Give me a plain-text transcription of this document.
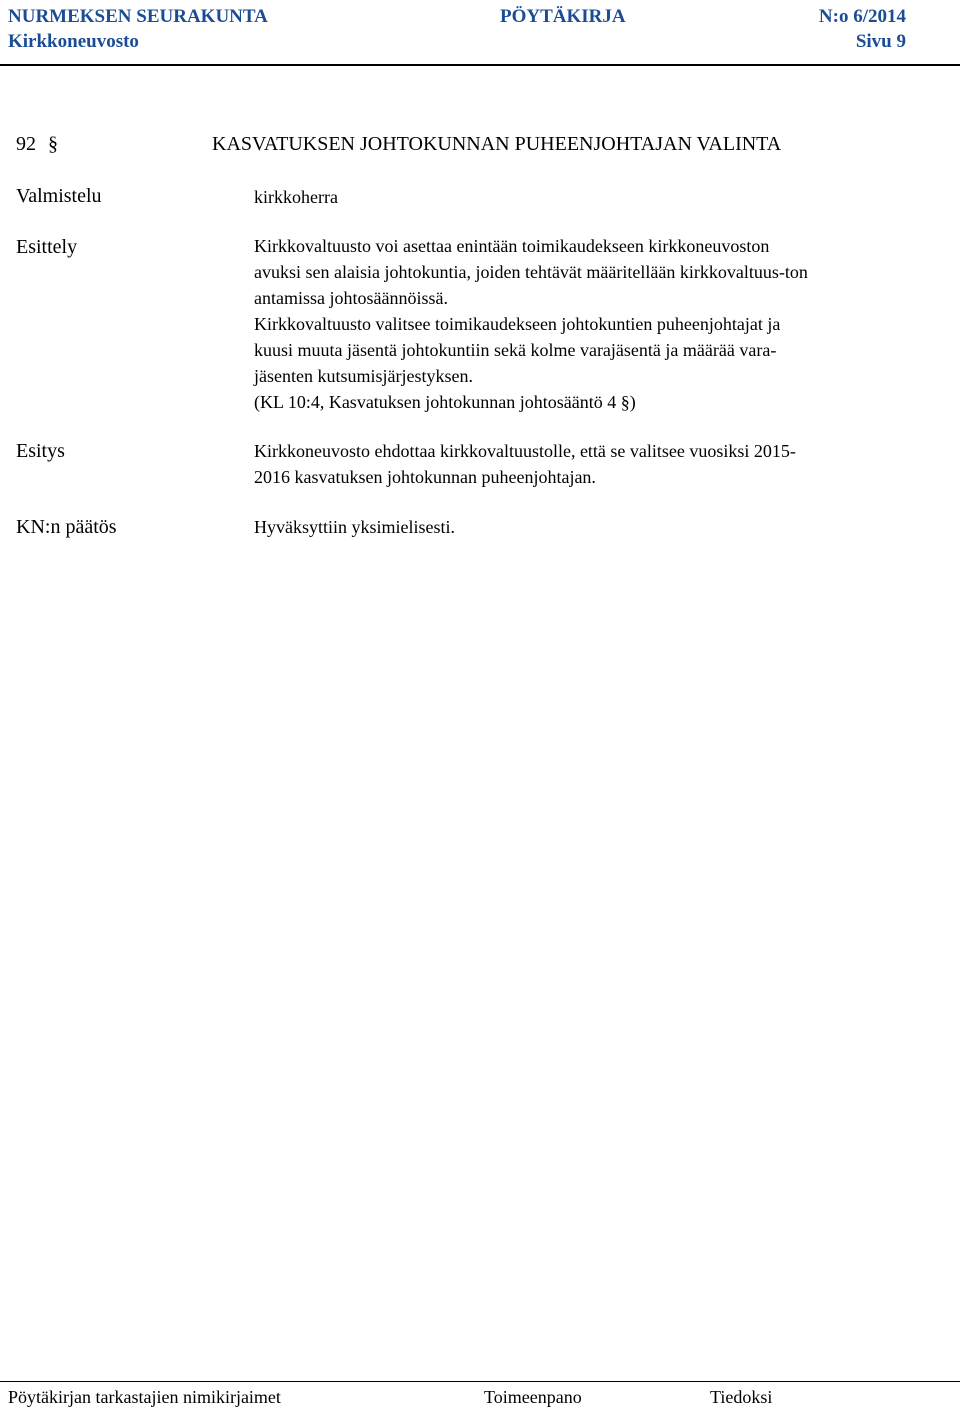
NURMEKSEN SEURAKUNTA	PÖYTÄKIRJA	N:o 6/2014
Kirkkoneuvosto	Sivu 9
92 §	KASVATUKSEN JOHTOKUNNAN PUHEENJOHTAJAN VALINTA
Valmistelu	kirkkoherra
Esittely	Kirkkovaltuusto voi asettaa enintään toimikaudekseen kirkkoneuvoston
avuksi sen alaisia johtokuntia, joiden tehtävät määritellään kirkkovaltuus-ton
antamissa johtosäännöissä.
Kirkkovaltuusto valitsee toimikaudekseen johtokuntien puheenjohtajat ja
kuusi muuta jäsentä johtokuntiin sekä kolme varajäsentä ja määrää vara-
jäsenten kutsumisjärjestyksen.
(KL 10:4, Kasvatuksen johtokunnan johtosääntö 4 §)
Esitys	Kirkkoneuvosto ehdottaa kirkkovaltuustolle, että se valitsee vuosiksi 2015-
2016 kasvatuksen johtokunnan puheenjohtajan.
KN:n päätös	Hyväksyttiin yksimielisesti.
Pöytäkirjan tarkastajien nimikirjaimet	Toimeenpano	Tiedoksi
